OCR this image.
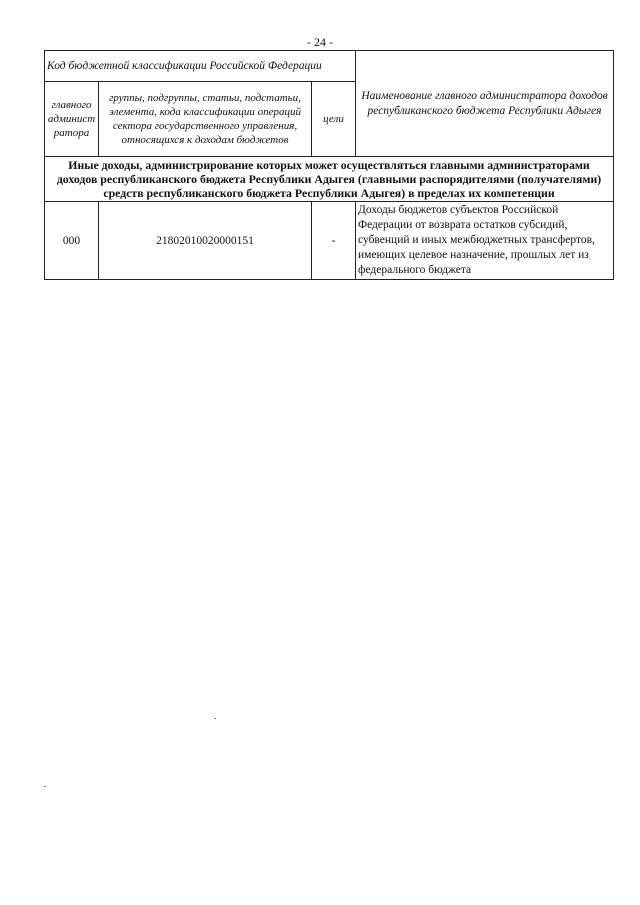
- 24 -
Код бюджетной классификации Российской Федерации			Наименование главного администратора доходов республиканского бюджета Республики Адыгея
главного админист ратора	группы, подгруппы, статьи, подстатьи, элемента, кода классификации операций сектора государственного управления, относящихся к доходам бюджетов	цели	
Иные доходы, администрирование которых может осуществляться главными администраторами доходов республиканского бюджета Республики Адыгея (главными распорядителями (получателями) средств республиканского бюджета Республики Адыгея) в пределах их компетенции			
000	21802010020000151	-	Доходы бюджетов субъектов Российской Федерации от возврата остатков субсидий, субвенций и иных межбюджетных трансфертов, имеющих целевое назначение, прошлых лет из федерального бюджета
